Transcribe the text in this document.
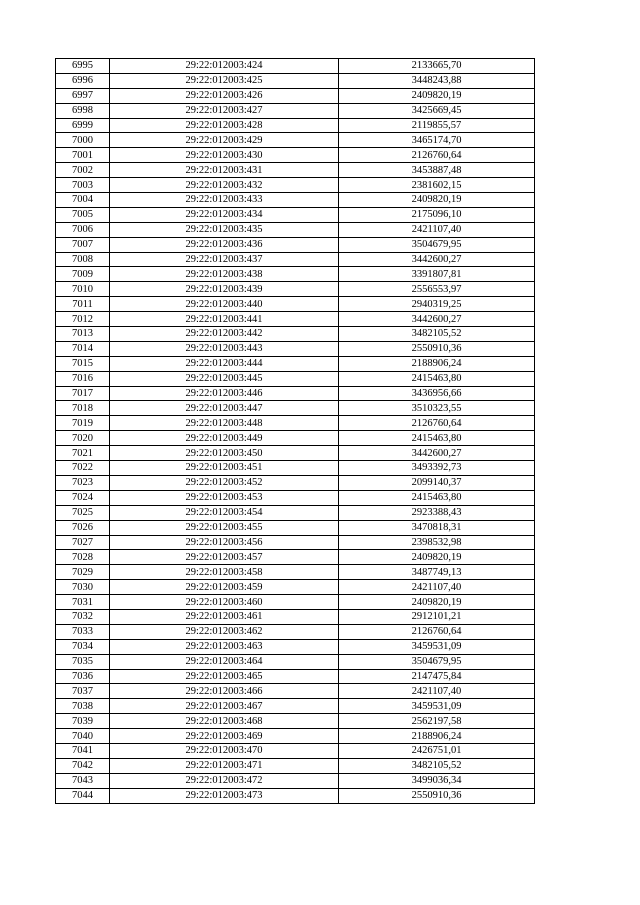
6995	29:22:012003:424	2133665,70
6996	29:22:012003:425	3448243,88
6997	29:22:012003:426	2409820,19
6998	29:22:012003:427	3425669,45
6999	29:22:012003:428	2119855,57
7000	29:22:012003:429	3465174,70
7001	29:22:012003:430	2126760,64
7002	29:22:012003:431	3453887,48
7003	29:22:012003:432	2381602,15
7004	29:22:012003:433	2409820,19
7005	29:22:012003:434	2175096,10
7006	29:22:012003:435	2421107,40
7007	29:22:012003:436	3504679,95
7008	29:22:012003:437	3442600,27
7009	29:22:012003:438	3391807,81
7010	29:22:012003:439	2556553,97
7011	29:22:012003:440	2940319,25
7012	29:22:012003:441	3442600,27
7013	29:22:012003:442	3482105,52
7014	29:22:012003:443	2550910,36
7015	29:22:012003:444	2188906,24
7016	29:22:012003:445	2415463,80
7017	29:22:012003:446	3436956,66
7018	29:22:012003:447	3510323,55
7019	29:22:012003:448	2126760,64
7020	29:22:012003:449	2415463,80
7021	29:22:012003:450	3442600,27
7022	29:22:012003:451	3493392,73
7023	29:22:012003:452	2099140,37
7024	29:22:012003:453	2415463,80
7025	29:22:012003:454	2923388,43
7026	29:22:012003:455	3470818,31
7027	29:22:012003:456	2398532,98
7028	29:22:012003:457	2409820,19
7029	29:22:012003:458	3487749,13
7030	29:22:012003:459	2421107,40
7031	29:22:012003:460	2409820,19
7032	29:22:012003:461	2912101,21
7033	29:22:012003:462	2126760,64
7034	29:22:012003:463	3459531,09
7035	29:22:012003:464	3504679,95
7036	29:22:012003:465	2147475,84
7037	29:22:012003:466	2421107,40
7038	29:22:012003:467	3459531,09
7039	29:22:012003:468	2562197,58
7040	29:22:012003:469	2188906,24
7041	29:22:012003:470	2426751,01
7042	29:22:012003:471	3482105,52
7043	29:22:012003:472	3499036,34
7044	29:22:012003:473	2550910,36
